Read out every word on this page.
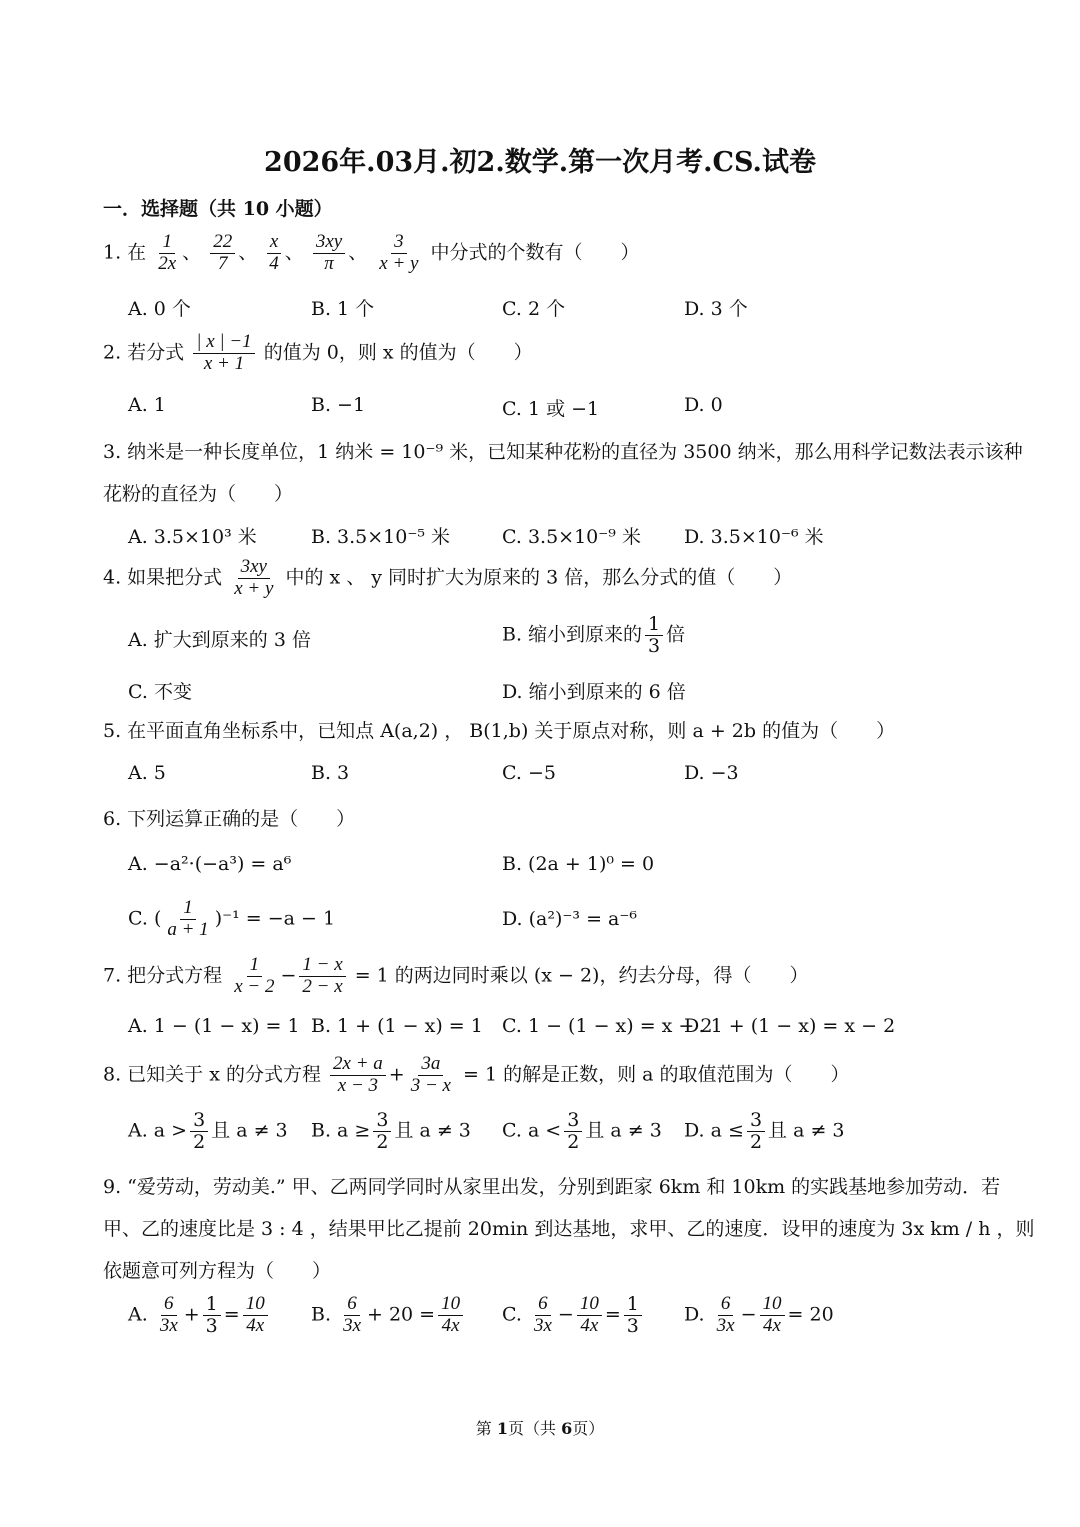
2026年.03月.初2.数学.第一次月考.CS.试卷
一．选择题（共 10 小题）
1. 在 $\frac{1}{2x}$ 、 $\frac{22}{7}$ 、 $\frac{x}{4}$ 、 $\frac{3xy}{\pi}$ 、 $\frac{3}{x + y}$ 中分式的个数有（　　）
A. 0 个	B. 1 个	C. 2 个	D. 3 个
2. 若分式 $\frac{| x | -1}{x + 1}$ 的值为 0，则 x 的值为（　　）
A. 1	B. −1	C. 1 或 −1	D. 0
3. 纳米是一种长度单位，1 纳米 = 10⁻⁹ 米，已知某种花粉的直径为 3500 纳米，那么用科学记数法表示该种
花粉的直径为（　　）
A. 3.5×10³ 米	B. 3.5×10⁻⁵ 米	C. 3.5×10⁻⁹ 米 D. 3.5×10⁻⁶ 米
4. 如果把分式 $\frac{3xy}{x + y}$ 中的 x 、 y 同时扩大为原来的 3 倍，那么分式的值（　　）
A. 扩大到原来的 3 倍	B. 缩小到原来的 $\frac{1}{3}$ 倍
C. 不变	D. 缩小到原来的 6 倍
5. 在平面直角坐标系中，已知点 A(a,2) ， B(1,b) 关于原点对称，则 a + 2b 的值为（　　）
A. 5	B. 3	C. −5	D. −3
6. 下列运算正确的是（　　）
A. −a²·(−a³) = a⁶	B. (2a + 1)⁰ = 0
C. ( $\frac{1}{a + 1} )^{-1} = -a - 1$	D. (a²)⁻³ = a⁻⁶
7. 把分式方程 $\frac{1}{x - 2} - \frac{1 - x}{2 - x} = 1$ 的两边同时乘以 (x − 2)，约去分母，得（　　）
A. 1 − (1 − x) = 1 B. 1 + (1 − x) = 1 C. 1 − (1 − x) = x − 2
D. 1 + (1 − x) = x − 2
8. 已知关于 x 的分式方程 $\frac{2x + a}{x - 3} + \frac{3a}{3 - x} = 1$ 的解是正数，则 a 的取值范围为（　　）
A. $a > \frac{3}{2}$ 且 a ≠ 3 B. $a \ge \frac{3}{2}$ 且 a ≠ 3 C. $a < \frac{3}{2}$ 且 a ≠ 3 D. $a \le \frac{3}{2}$ 且 a ≠ 3
9. “爱劳动，劳动美.” 甲、乙两同学同时从家里出发，分别到距家 6km 和 10km 的实践基地参加劳动．若
甲、乙的速度比是 3 : 4 ，结果甲比乙提前 20min 到达基地，求甲、乙的速度．设甲的速度为 3x km / h ，则
依题意可列方程为（　　）
A. $\frac{6}{3x} + \frac{1}{3} = \frac{10}{4x} B$. $\frac{6}{3x} + 20 = \frac{10}{4x} C$. $\frac{6}{3x} - \frac{10}{4x} = \frac{1}{3} D$. $\frac{6}{3x} - \frac{10}{4x} = 20$
第 1页（共 6页）
